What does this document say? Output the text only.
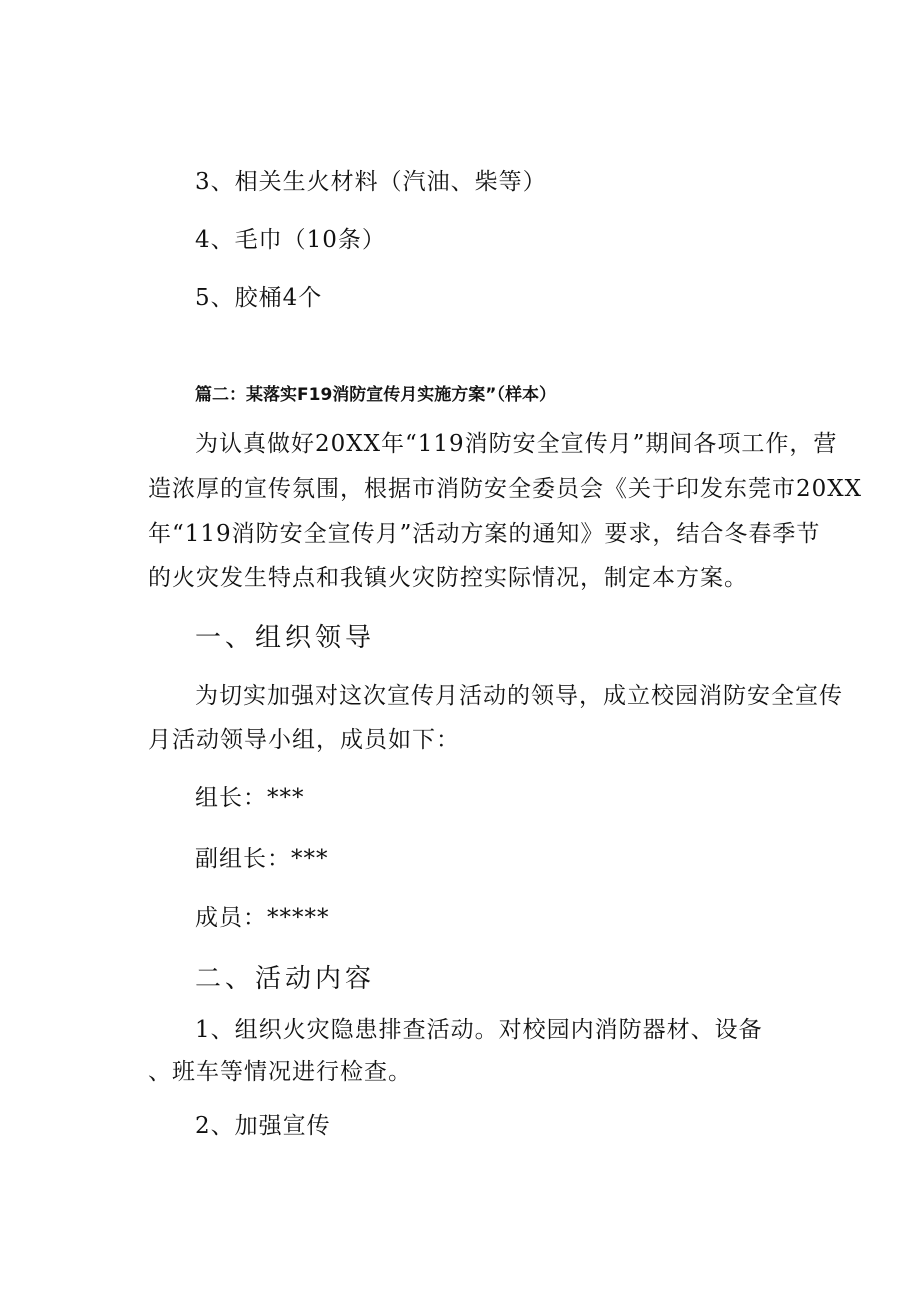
3、相关生火材料（汽油、柴等）
4、毛巾（10条）
5、胶桶4个
篇二：某落实F19消防宣传月实施方案”（样本）
为认真做好20XX年“119消防安全宣传月”期间各项工作，营
造浓厚的宣传氛围，根据市消防安全委员会《关于印发东莞市20XX
年“119消防安全宣传月”活动方案的通知》要求，结合冬春季节
的火灾发生特点和我镇火灾防控实际情况，制定本方案。
一、组织领导
为切实加强对这次宣传月活动的领导，成立校园消防安全宣传
月活动领导小组，成员如下：
组长：***
副组长：***
成员：*****
二、活动内容
1、组织火灾隐患排查活动。对校园内消防器材、设备
、班车等情况进行检查。
2、加强宣传
